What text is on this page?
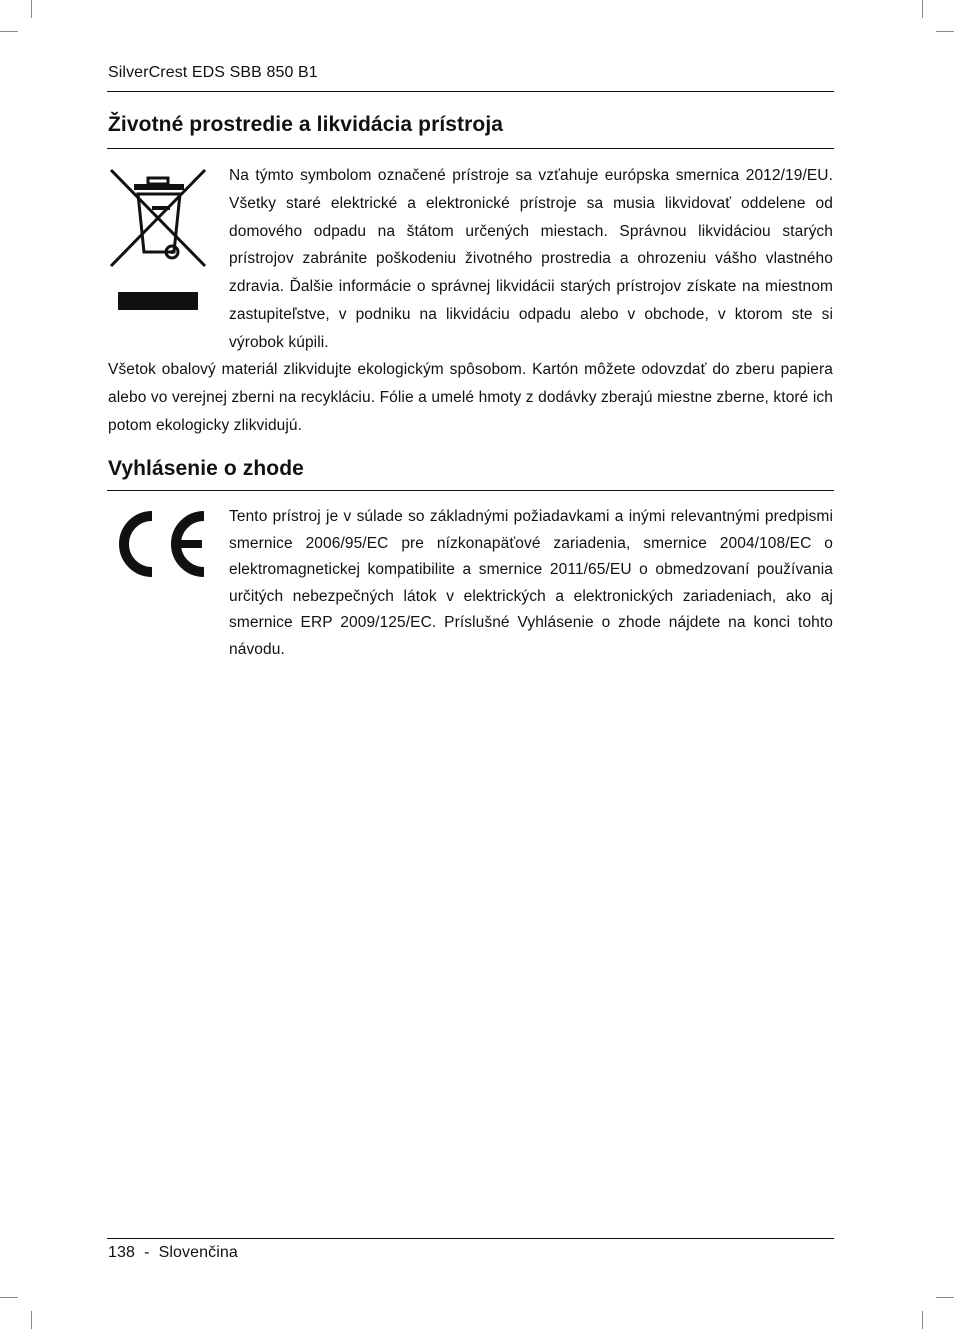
SilverCrest EDS SBB 850 B1
Životné prostredie a likvidácia prístroja

Na týmto symbolom označené prístroje sa vzťahuje európska smernica 2012/19/EU. Všetky staré elektrické a elektronické prístroje sa musia likvidovať oddelene od domového odpadu na štátom určených miestach. Správnou likvidáciou starých prístrojov zabránite poškodeniu životného prostredia a ohrozeniu vášho vlastného zdravia. Ďalšie informácie o správnej likvidácii starých prístrojov získate na miestnom zastupiteľstve, v podniku na likvidáciu odpadu alebo v obchode, v ktorom ste si výrobok kúpili.

Všetok obalový materiál zlikvidujte ekologickým spôsobom. Kartón môžete odovzdať do zberu papiera alebo vo verejnej zberni na recykláciu. Fólie a umelé hmoty z dodávky zberajú miestne zberne, ktoré ich potom ekologicky zlikvidujú.

Vyhlásenie o zhode

Tento prístroj je v súlade so základnými požiadavkami a inými relevantnými predpismi smernice 2006/95/EC pre nízkonapäťové zariadenia, smernice 2004/108/EC o elektromagnetickej kompatibilite a smernice 2011/65/EU o obmedzovaní používania určitých nebezpečných látok v elektrických a elektronických zariadeniach, ako aj smernice ERP 2009/125/EC. Príslušné Vyhlásenie o zhode nájdete na konci tohto návodu.

138  -  Slovenčina
